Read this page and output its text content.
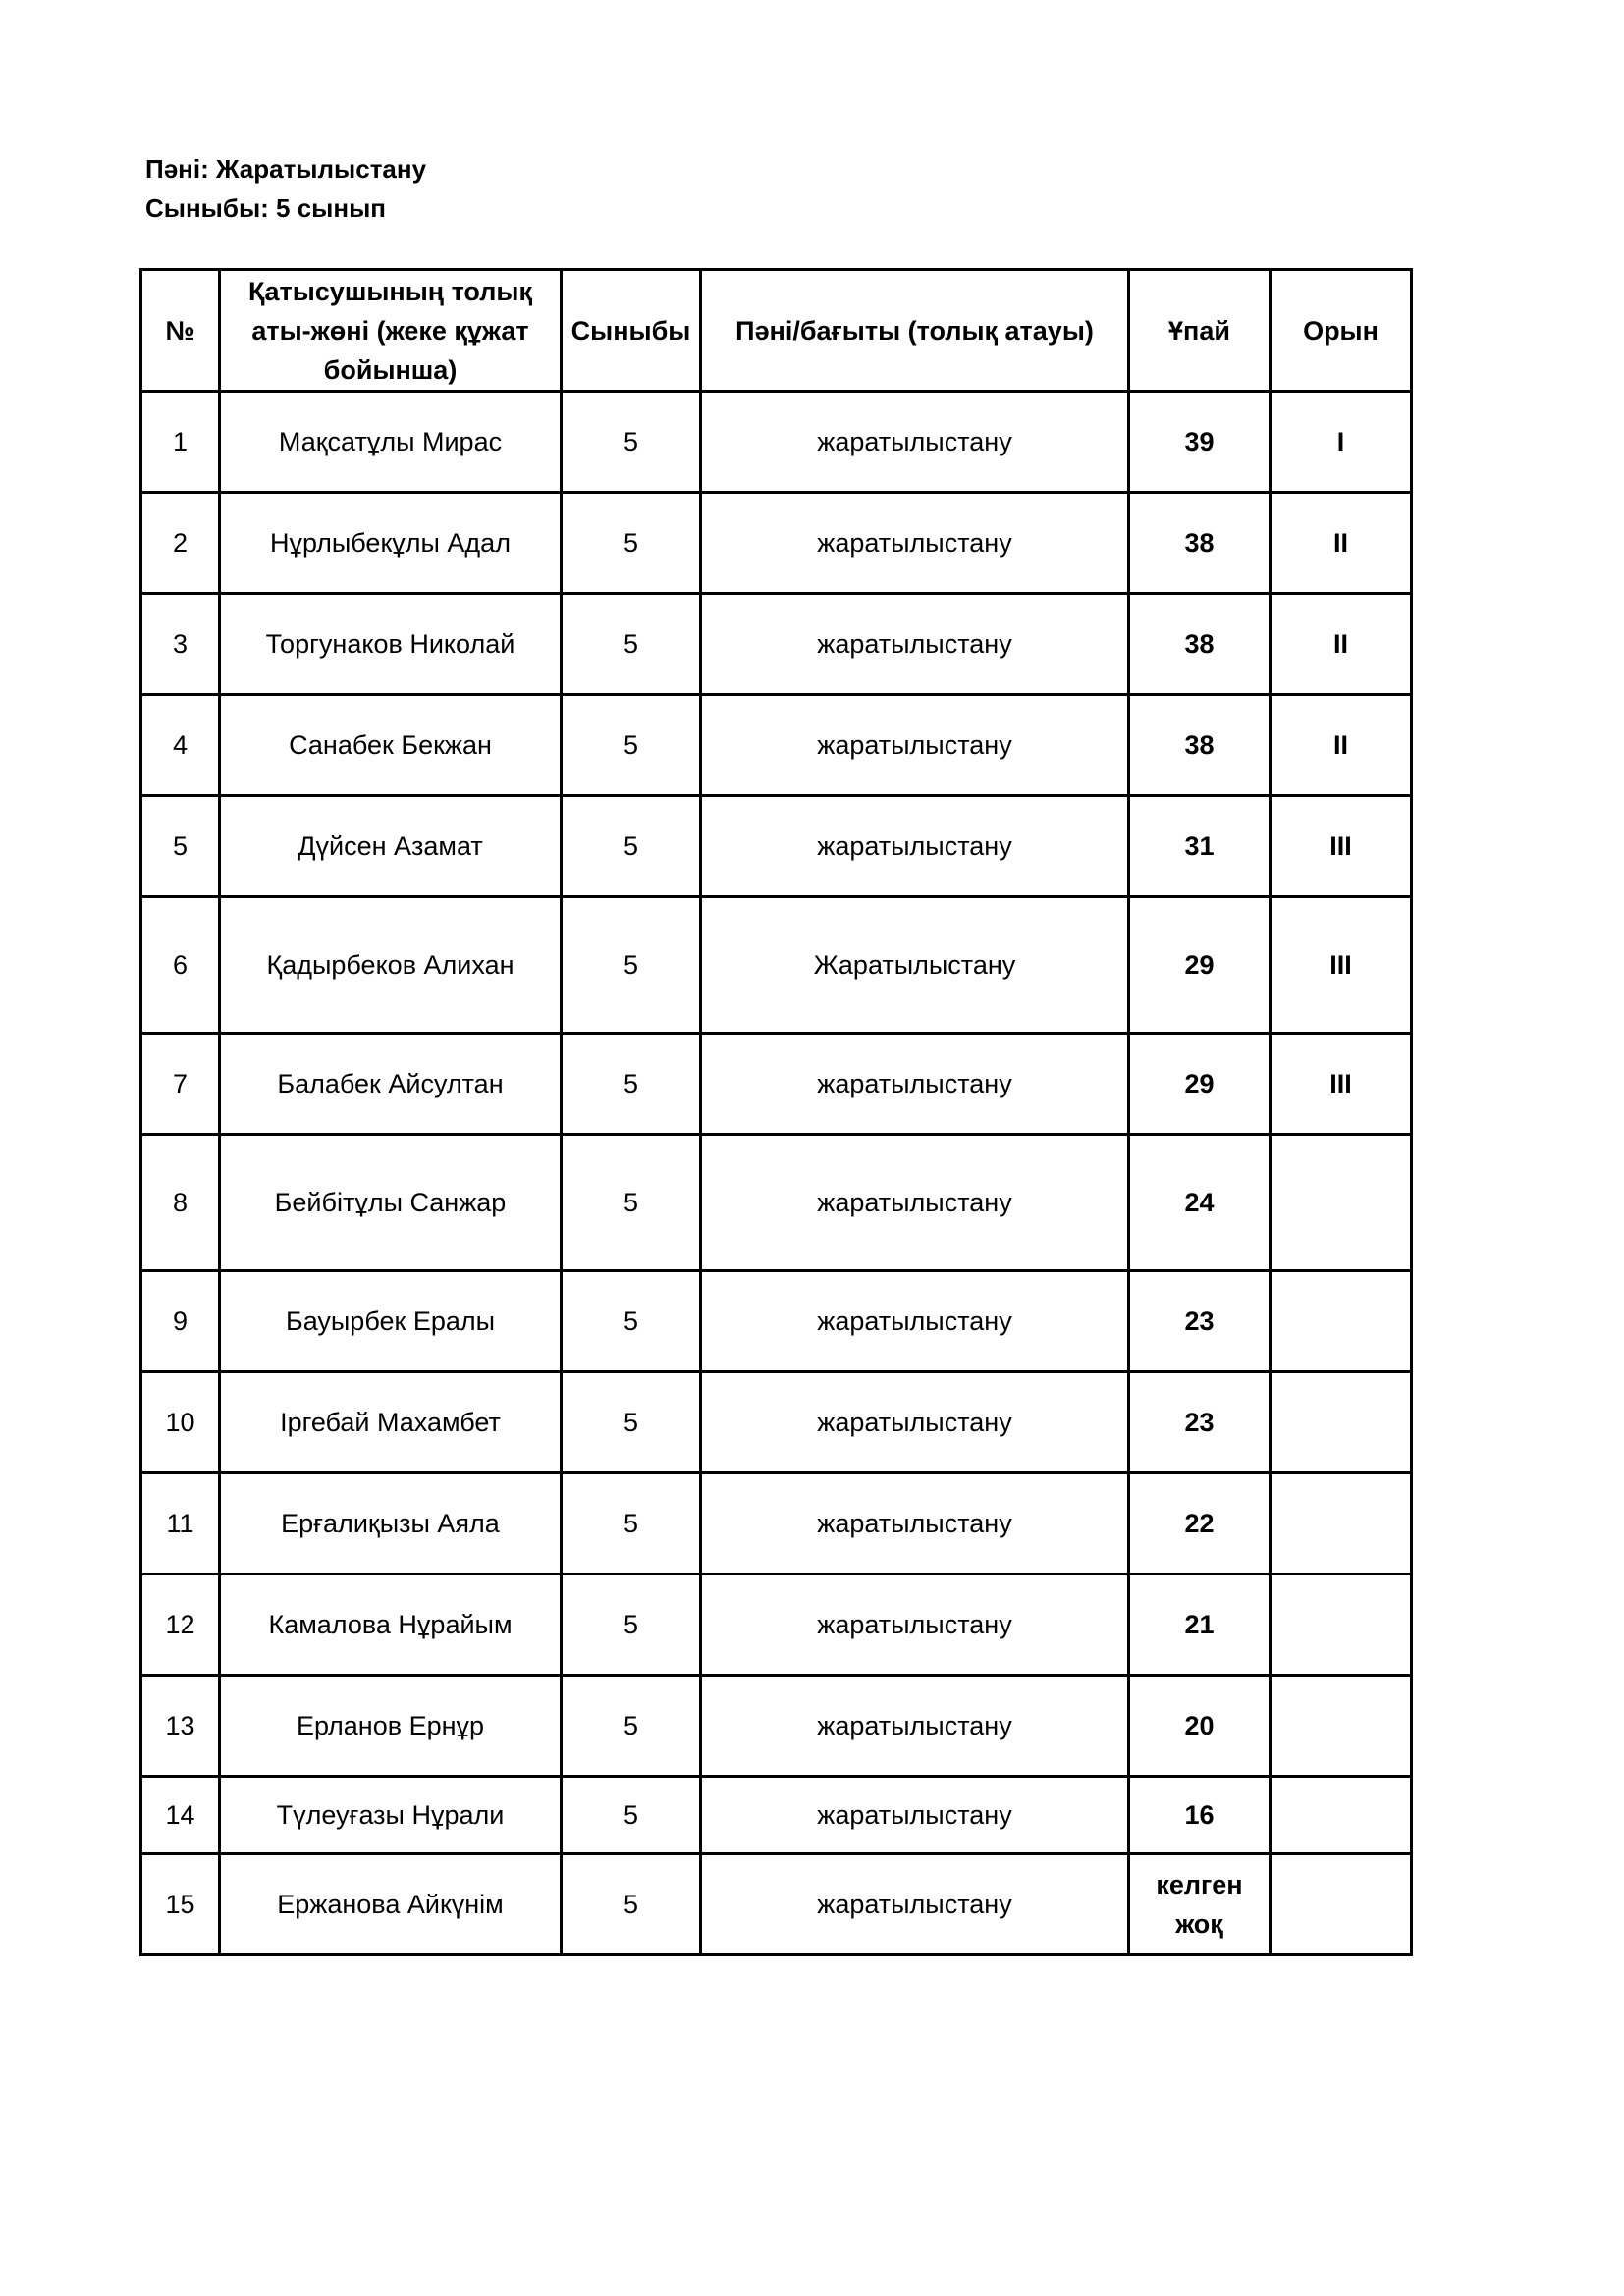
Пәні: Жаратылыстану
Сыныбы: 5 сынып
№	Қатысушының толық аты-жөні (жеке құжат бойынша)	Сыныбы	Пәні/бағыты (толық атауы)	Ұпай	Орын
1	Мақсатұлы Мирас	5	жаратылыстану	39	I
2	Нұрлыбекұлы Адал	5	жаратылыстану	38	II
3	Торгунаков Николай	5	жаратылыстану	38	II
4	Санабек Бекжан	5	жаратылыстану	38	II
5	Дүйсен Азамат	5	жаратылыстану	31	III
6	Қадырбеков Алихан	5	Жаратылыстану	29	III
7	Балабек Айсултан	5	жаратылыстану	29	III
8	Бейбітұлы Санжар	5	жаратылыстану	24	
9	Бауырбек Ералы	5	жаратылыстану	23	
10	Іргебай Махамбет	5	жаратылыстану	23	
11	Ерғалиқызы Аяла	5	жаратылыстану	22	
12	Камалова Нұрайым	5	жаратылыстану	21	
13	Ерланов Ернұр	5	жаратылыстану	20	
14	Түлеуғазы Нұрали	5	жаратылыстану	16	
15	Ержанова Айкүнім	5	жаратылыстану	келген жоқ	
